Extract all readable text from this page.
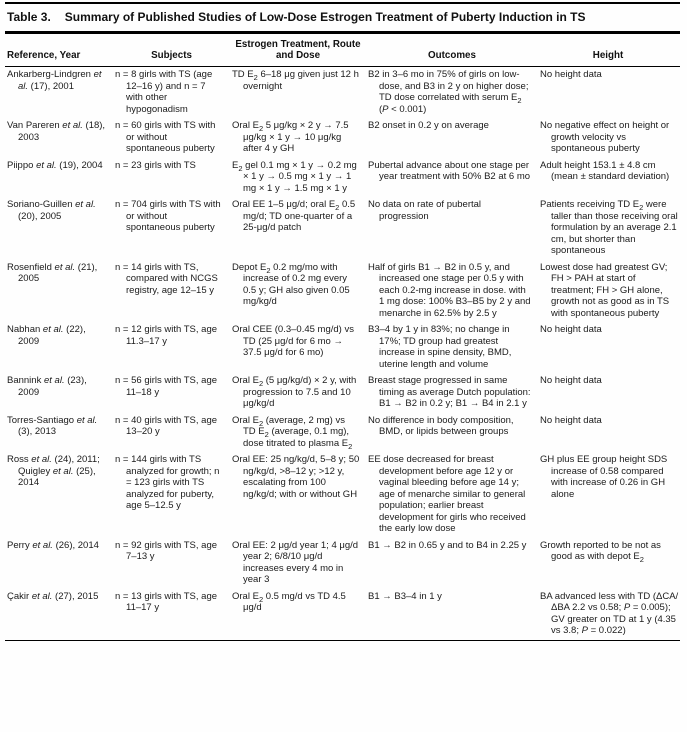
Table 3. Summary of Published Studies of Low-Dose Estrogen Treatment of Puberty Induction in TS
Reference, Year	Subjects	Estrogen Treatment, Route and Dose	Outcomes	Height

Ankarberg-Lindgren et al. (17), 2001	n = 8 girls with TS (age 12–16 y) and n = 7 with other hypogonadism	TD $E_2$ 6–18 μg given just 12 h overnight	B2 in 3–6 mo in 75% of girls on low-dose, and B3 in 2 y on higher dose; TD dose correlated with serum $E_2$ (P < 0.001)	No height data

Van Pareren et al. (18), 2003	n = 60 girls with TS with or without spontaneous puberty	Oral $E_2$ 5 μg/kg × 2 y → 7.5 μg/kg × 1 y → 10 μg/kg after 4 y GH	B2 onset in 0.2 y on average	No negative effect on height or growth velocity vs spontaneous puberty

Piippo et al. (19), 2004	n = 23 girls with TS	$E_2$ gel 0.1 mg × 1 y → 0.2 mg × 1 y → 0.5 mg × 1 y → 1 mg × 1 y → 1.5 mg × 1 y	Pubertal advance about one stage per year treatment with 50% B2 at 6 mo	Adult height 153.1 ± 4.8 cm (mean ± standard deviation)

Soriano-Guillen et al. (20), 2005	n = 704 girls with TS with or without spontaneous puberty	Oral EE 1–5 μg/d; oral $E_2$ 0.5 mg/d; TD one-quarter of a 25-μg/d patch	No data on rate of pubertal progression	Patients receiving TD $E_2$ were taller than those receiving oral formulation by an average 2.1 cm, but shorter than spontaneous

Rosenfield et al. (21), 2005	n = 14 girls with TS, compared with NCGS registry, age 12–15 y	Depot $E_2$ 0.2 mg/mo with increase of 0.2 mg every 0.5 y; GH also given 0.05 mg/kg/d	Half of girls B1 → B2 in 0.5 y, and increased one stage per 0.5 y with each 0.2-mg increase in dose. with 1 mg dose: 100% B3–B5 by 2 y and menarche in 62.5% by 2.5 y	Lowest dose had greatest GV; FH > PAH at start of treatment; FH > GH alone, growth not as good as in TS with spontaneous puberty

Nabhan et al. (22), 2009	n = 12 girls with TS, age 11.3–17 y	Oral CEE (0.3–0.45 mg/d) vs TD (25 μg/d for 6 mo → 37.5 μg/d for 6 mo)	B3–4 by 1 y in 83%; no change in 17%; TD group had greatest increase in spine density, BMD, uterine length and volume	No height data

Bannink et al. (23), 2009	n = 56 girls with TS, age 11–18 y	Oral $E_2$ (5 μg/kg/d) × 2 y, with progression to 7.5 and 10 μg/kg/d	Breast stage progressed in same timing as average Dutch population: B1 → B2 in 0.2 y; B1 → B4 in 2.1 y	No height data

Torres-Santiago et al. (3), 2013	n = 40 girls with TS, age 13–20 y	Oral $E_2$ (average, 2 mg) vs TD $E_2$ (average, 0.1 mg), dose titrated to plasma $E_2$	No difference in body composition, BMD, or lipids between groups	No height data

Ross et al. (24), 2011; Quigley et al. (25), 2014	n = 144 girls with TS analyzed for growth; n = 123 girls with TS analyzed for puberty, age 5–12.5 y	Oral EE: 25 ng/kg/d, 5–8 y; 50 ng/kg/d, >8–12 y; >12 y, escalating from 100 ng/kg/d; with or without GH	EE dose decreased for breast development before age 12 y or vaginal bleeding before age 14 y; age of menarche similar to general population; earlier breast development for girls who received the early low dose	GH plus EE group height SDS increase of 0.58 compared with increase of 0.26 in GH alone

Perry et al. (26), 2014	n = 92 girls with TS, age 7–13 y	Oral EE: 2 μg/d year 1; 4 μg/d year 2; 6/8/10 μg/d increases every 4 mo in year 3	B1 → B2 in 0.65 y and to B4 in 2.25 y	Growth reported to be not as good as with depot $E_2$

Çakir et al. (27), 2015	n = 13 girls with TS, age 11–17 y	Oral $E_2$ 0.5 mg/d vs TD 4.5 μg/d	B1 → B3–4 in 1 y	BA advanced less with TD (ΔCA/ΔBA 2.2 vs 0.58; P = 0.005); GV greater on TD at 1 y (4.35 vs 3.8; P = 0.022)
